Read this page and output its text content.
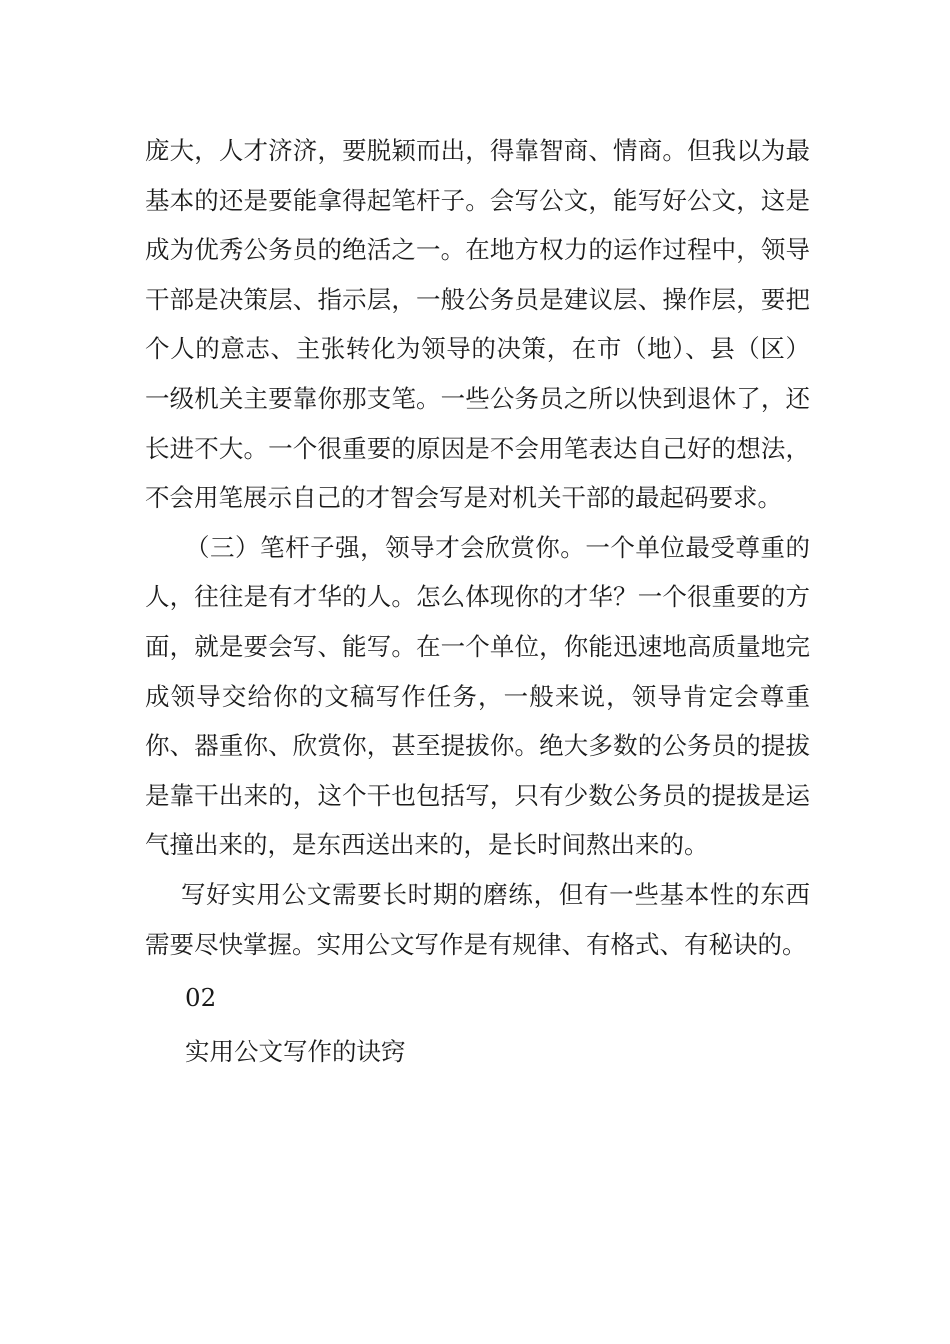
庞大，人才济济，要脱颖而出，得靠智商、情商。但我以为最基本的还是要能拿得起笔杆子。会写公文，能写好公文，这是成为优秀公务员的绝活之一。在地方权力的运作过程中，领导干部是决策层、指示层，一般公务员是建议层、操作层，要把个人的意志、主张转化为领导的决策，在市（地）、县（区）一级机关主要靠你那支笔。一些公务员之所以快到退休了，还长进不大。一个很重要的原因是不会用笔表达自己好的想法，不会用笔展示自己的才智会写是对机关干部的最起码要求。

（三）笔杆子强，领导才会欣赏你。一个单位最受尊重的人，往往是有才华的人。怎么体现你的才华？一个很重要的方面，就是要会写、能写。在一个单位，你能迅速地高质量地完成领导交给你的文稿写作任务，一般来说，领导肯定会尊重你、器重你、欣赏你，甚至提拔你。绝大多数的公务员的提拔是靠干出来的，这个干也包括写，只有少数公务员的提拔是运气撞出来的，是东西送出来的，是长时间熬出来的。

写好实用公文需要长时期的磨练，但有一些基本性的东西需要尽快掌握。实用公文写作是有规律、有格式、有秘诀的。

02
实用公文写作的诀窍
